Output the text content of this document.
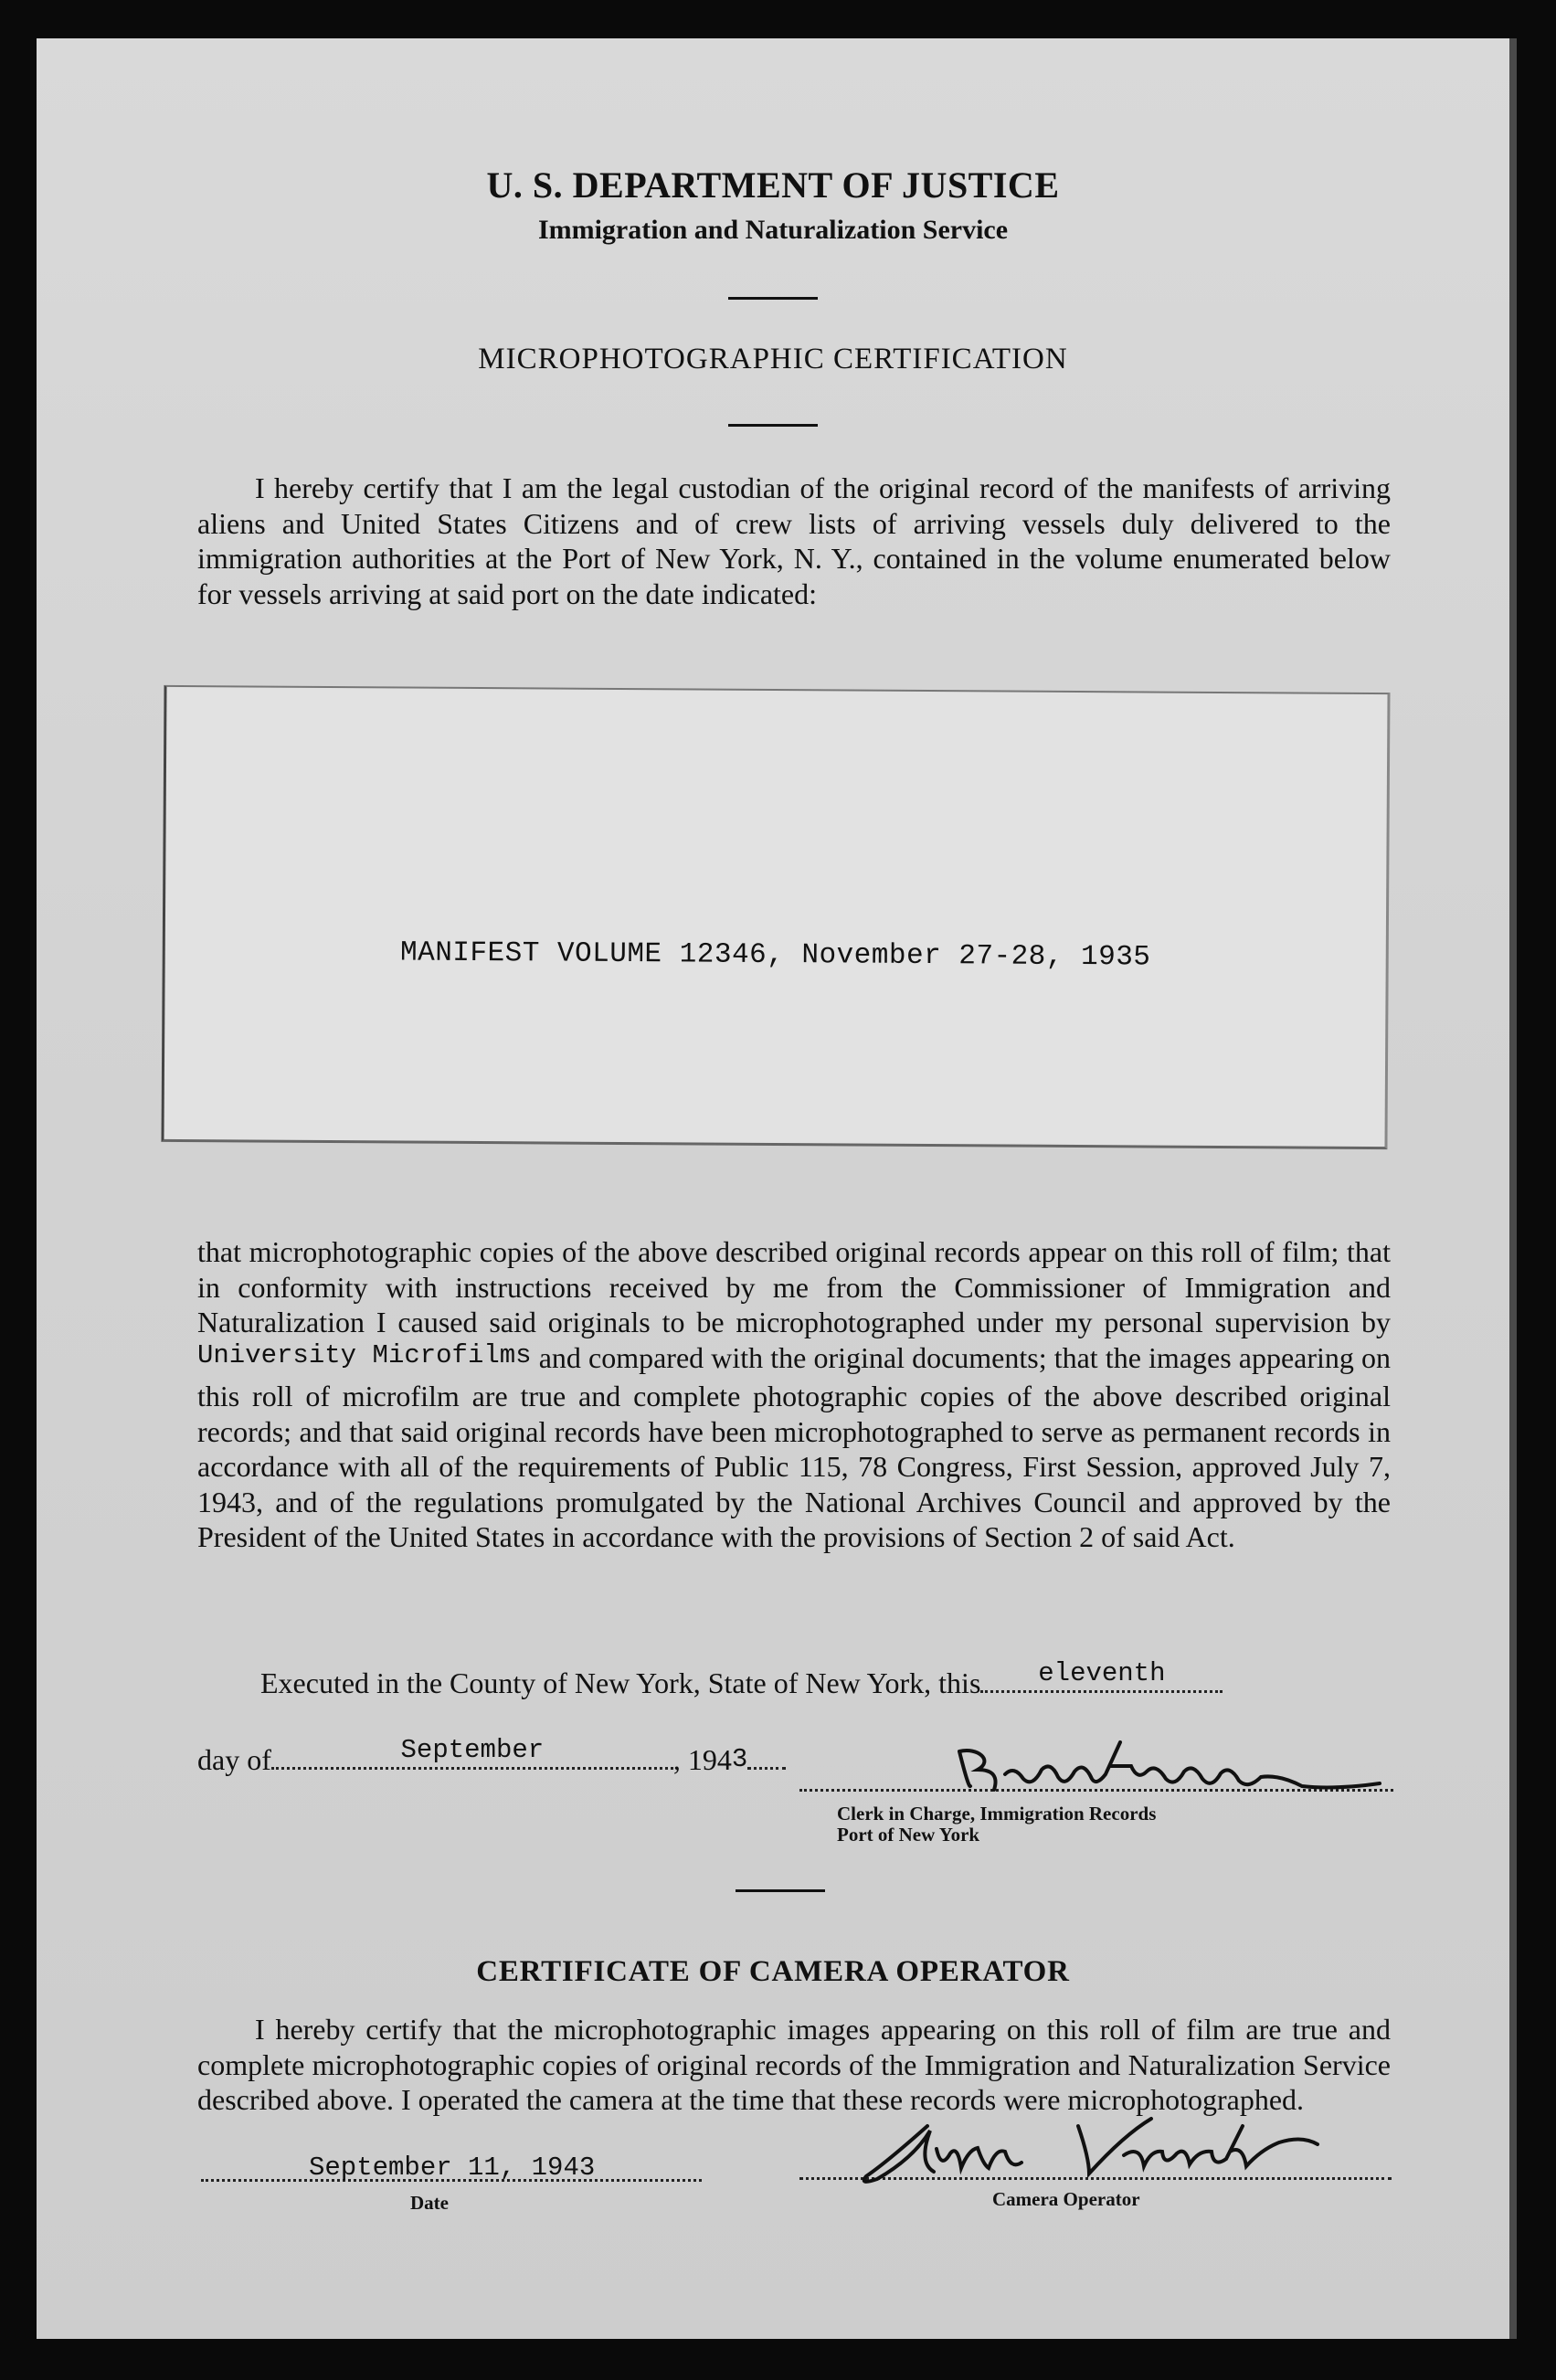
U. S. DEPARTMENT OF JUSTICE
Immigration and Naturalization Service
MICROPHOTOGRAPHIC CERTIFICATION
I hereby certify that I am the legal custodian of the original record of the manifests of arriving aliens and United States Citizens and of crew lists of arriving vessels duly delivered to the immigration authorities at the Port of New York, N. Y., contained in the volume enumerated below for vessels arriving at said port on the date indicated:
MANIFEST VOLUME 12346, November 27-28, 1935
that microphotographic copies of the above described original records appear on this roll of film; that in conformity with instructions received by me from the Commissioner of Immigration and Naturalization I caused said originals to be microphotographed under my personal supervision by University Microfilms and compared with the original documents; that the images appearing on this roll of microfilm are true and complete photographic copies of the above described original records; and that said original records have been microphotographed to serve as permanent records in accordance with all of the requirements of Public 115, 78 Congress, First Session, approved July 7, 1943, and of the regulations promulgated by the National Archives Council and approved by the President of the United States in accordance with the provisions of Section 2 of said Act.
Executed in the County of New York, State of New York, this	eleventh
day of	September	, 1943
Clerk in Charge, Immigration Records
Port of New York
CERTIFICATE OF CAMERA OPERATOR
I hereby certify that the microphotographic images appearing on this roll of film are true and complete microphotographic copies of original records of the Immigration and Naturalization Service described above. I operated the camera at the time that these records were microphotographed.
September 11, 1943
Date	Camera Operator
